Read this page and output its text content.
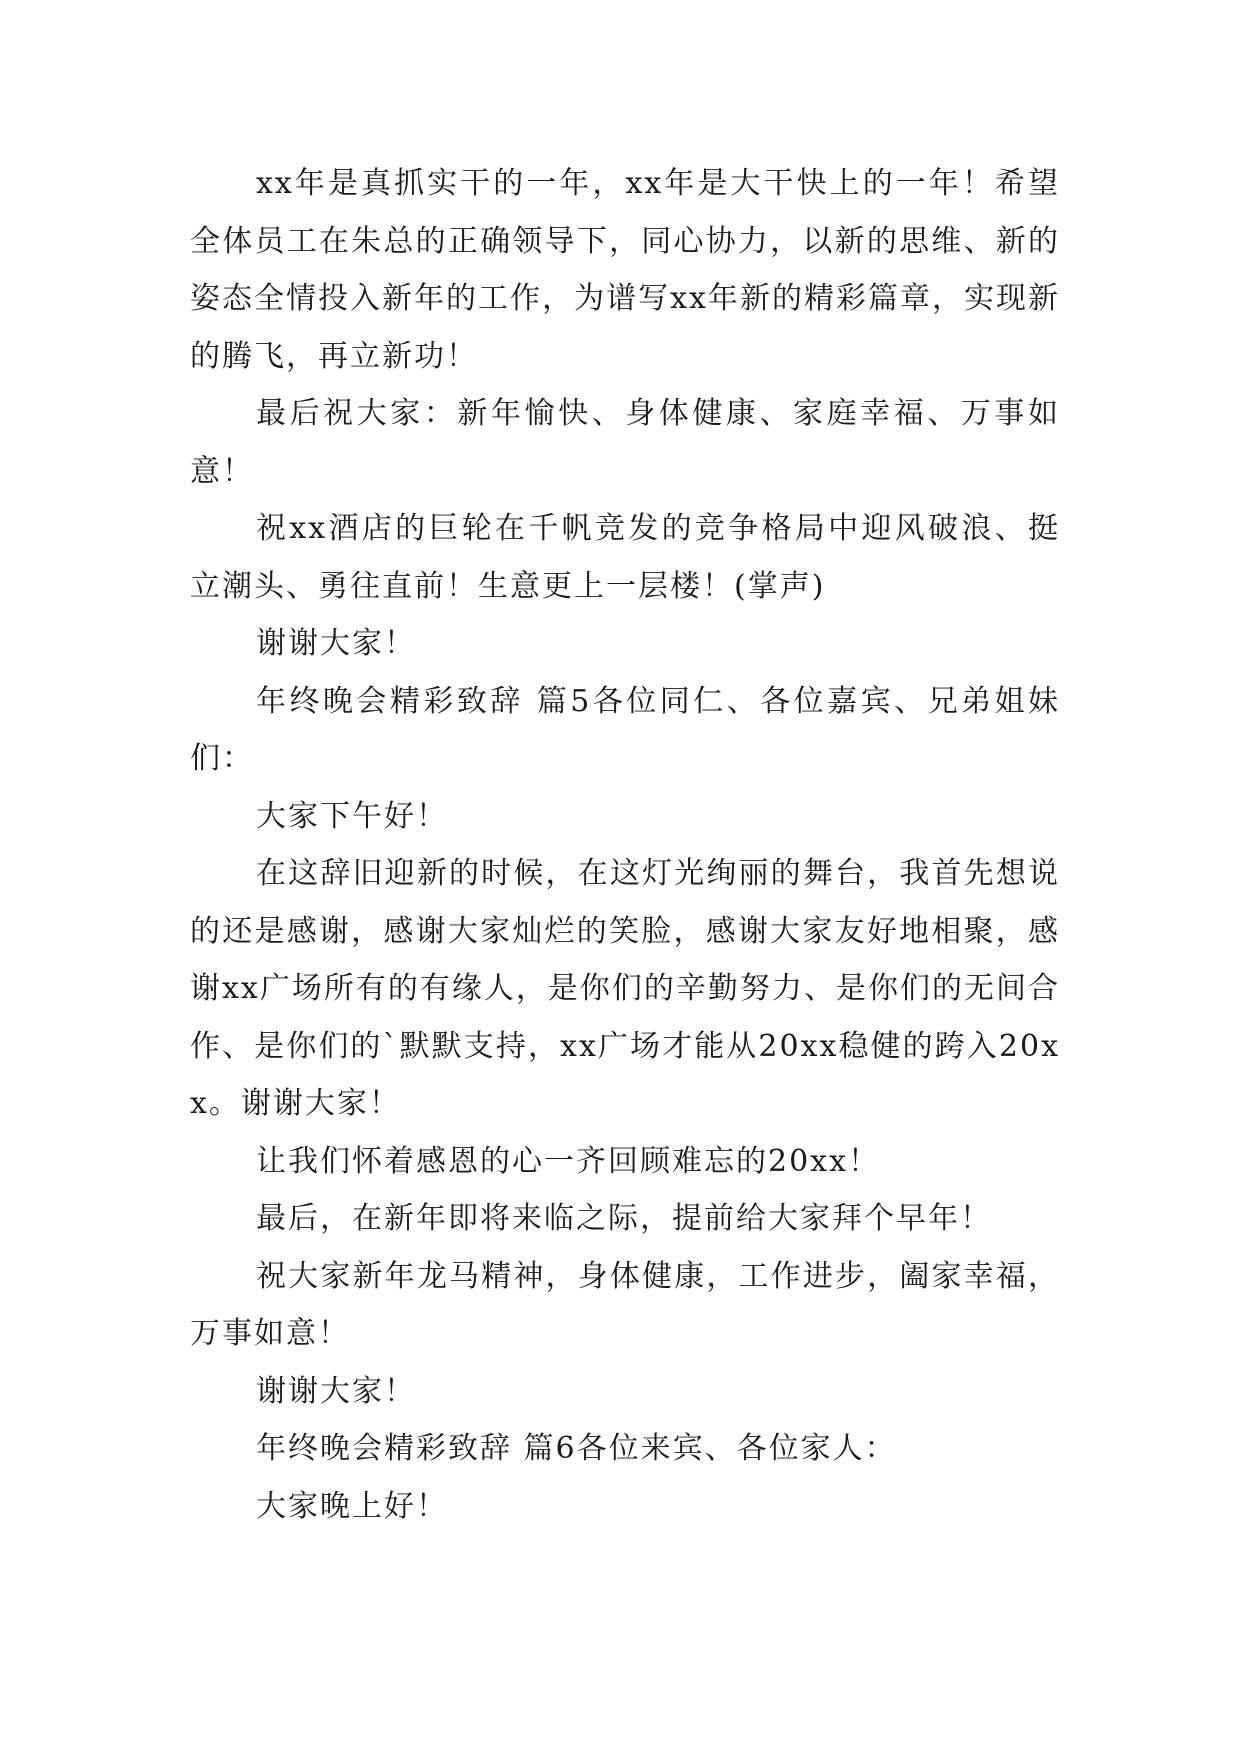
xx年是真抓实干的一年，xx年是大干快上的一年！希望全体员工在朱总的正确领导下，同心协力，以新的思维、新的姿态全情投入新年的工作，为谱写xx年新的精彩篇章，实现新的腾飞，再立新功！

最后祝大家：新年愉快、身体健康、家庭幸福、万事如意！

祝xx酒店的巨轮在千帆竞发的竞争格局中迎风破浪、挺立潮头、勇往直前！生意更上一层楼！(掌声)

谢谢大家！

年终晚会精彩致辞 篇5各位同仁、各位嘉宾、兄弟姐妹们：

大家下午好！

在这辞旧迎新的时候，在这灯光绚丽的舞台，我首先想说的还是感谢，感谢大家灿烂的笑脸，感谢大家友好地相聚，感谢xx广场所有的有缘人，是你们的辛勤努力、是你们的无间合作、是你们的`默默支持，xx广场才能从20xx稳健的跨入20xx。谢谢大家！

让我们怀着感恩的心一齐回顾难忘的20xx！

最后，在新年即将来临之际，提前给大家拜个早年！

祝大家新年龙马精神，身体健康，工作进步，阖家幸福，万事如意！

谢谢大家！

年终晚会精彩致辞 篇6各位来宾、各位家人：

大家晚上好！
